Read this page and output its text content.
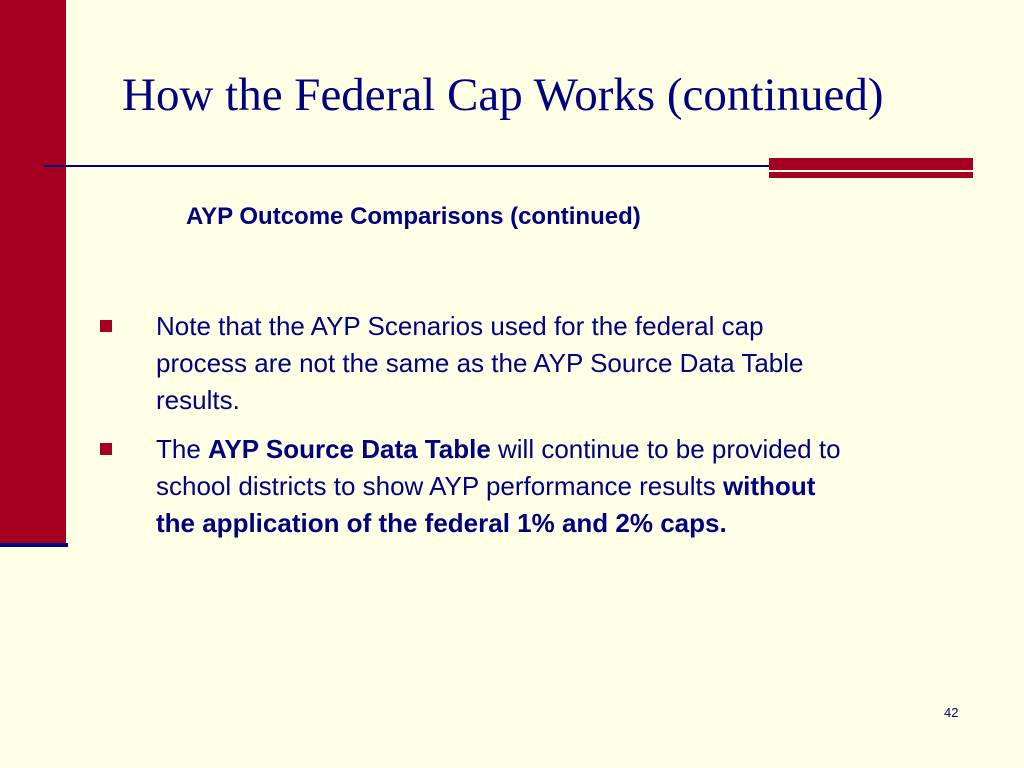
How the Federal Cap Works (continued)
AYP Outcome Comparisons (continued)
Note that the AYP Scenarios used for the federal cap process are not the same as the AYP Source Data Table results.
The AYP Source Data Table will continue to be provided to school districts to show AYP performance results without the application of the federal 1% and 2% caps.
42
